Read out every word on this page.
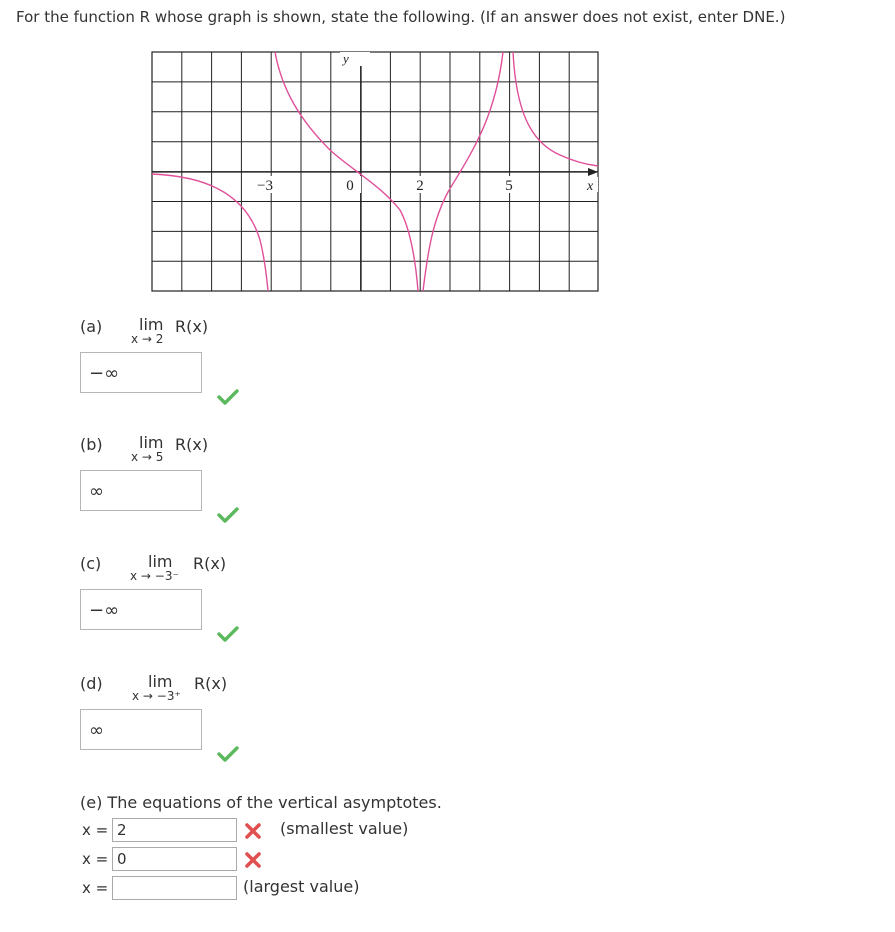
For the function R whose graph is shown, state the following. (If an answer does not exist, enter DNE.)
y
−3	0	2	5	x
(a) lim
x → 2
R(x)
−∞
(b) lim
x → 5
R(x)
∞
(c)	lim
x → −3⁻
R(x)
−∞
(d)	lim
x → −3⁺
R(x)
∞
(e) The equations of the vertical asymptotes.
x = 2	(smallest value)
x = 0
x =	(largest value)
